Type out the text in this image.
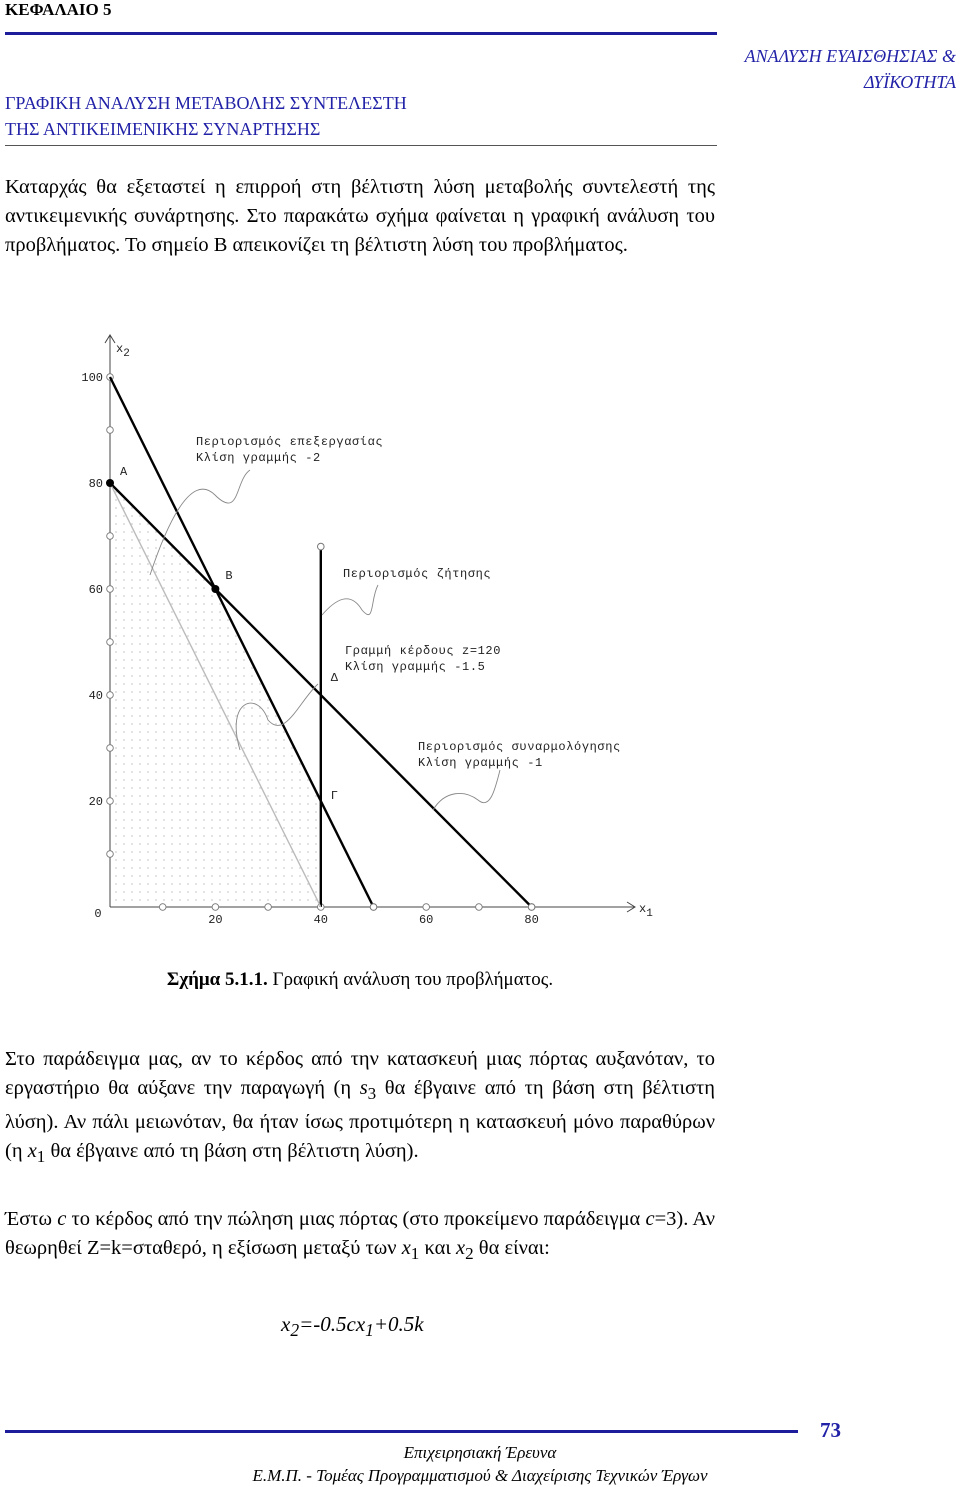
ΚΕΦΑΛΑΙΟ 5
ΓΡΑΦΙΚΗ ΑΝΑΛΥΣΗ ΜΕΤΑΒΟΛΗΣ ΣΥΝΤΕΛΕΣΤΗ
ΤΗΣ ΑΝΤΙΚΕΙΜΕΝΙΚΗΣ ΣΥΝΑΡΤΗΣΗΣ
ΑΝΑΛΥΣΗ ΕΥΑΙΣΘΗΣΙΑΣ &
ΔΥΪΚΟΤΗΤΑ
Καταρχάς θα εξεταστεί η επιρροή στη βέλτιστη λύση μεταβολής συντελεστή της αντικειμενικής συνάρτησης. Στο παρακάτω σχήμα φαίνεται η γραφική ανάλυση του προβλήματος. Το σημείο Β απεικονίζει τη βέλτιστη λύση του προβλήματος.
20
40
60
80
100
0	20	40	60	80
x2
x1
A
B
Δ
Γ
Περιορισμός επεξεργασίας
Κλίση γραμμής -2
Περιορισμός ζήτησης
Γραμμή κέρδους z=120
Κλίση γραμμής -1.5
Περιορισμός συναρμολόγησης
Κλίση γραμμής -1
Σχήμα 5.1.1. Γραφική ανάλυση του προβλήματος.
Στο παράδειγμα μας, αν το κέρδος από την κατασκευή μιας πόρτας αυξανόταν, το εργαστήριο θα αύξανε την παραγωγή (η $s_3$ θα έβγαινε από τη βάση στη βέλτιστη λύση). Αν πάλι μειωνόταν, θα ήταν ίσως προτιμότερη η κατασκευή μόνο παραθύρων (η $x_1$ θα έβγαινε από τη βάση στη βέλτιστη λύση).
Έστω c το κέρδος από την πώληση μιας πόρτας (στο προκείμενο παράδειγμα c=3). Αν θεωρηθεί Z=k=σταθερό, η εξίσωση μεταξύ των $x_1$ και $x_2$ θα είναι:
$x_2=-0.5cx_1+0.5k$
73
Επιχειρησιακή Έρευνα
Ε.Μ.Π. - Τομέας Προγραμματισμού & Διαχείρισης Τεχνικών Έργων
